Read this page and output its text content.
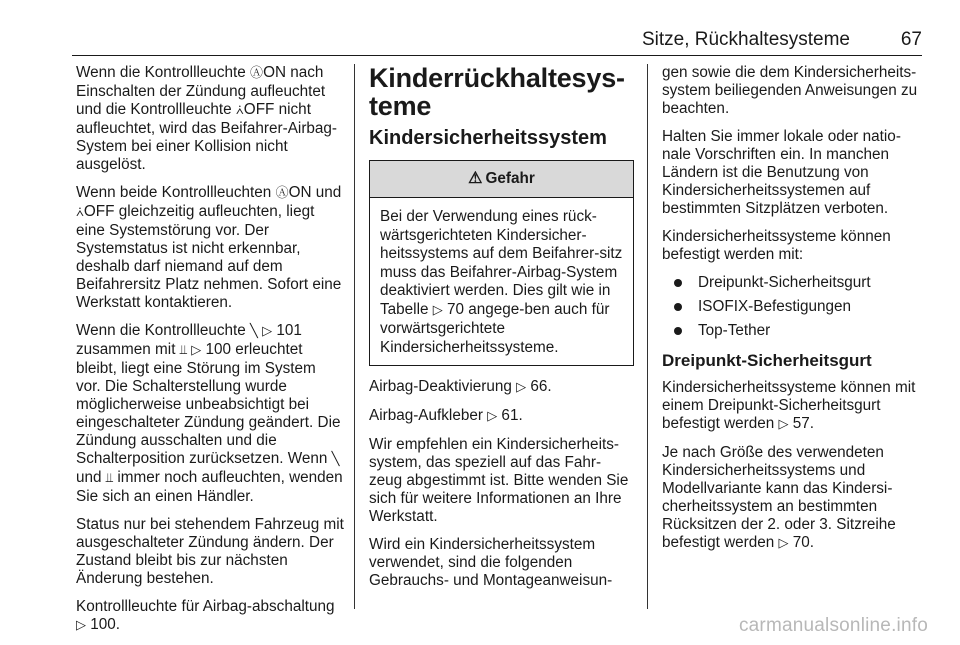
Sitze, Rückhaltesysteme	67

Wenn die Kontrollleuchte ⒶON nach Einschalten der Zündung aufleuchtet und die Kontrollleuchte ⩑OFF nicht aufleuchtet, wird das Beifahrer-Airbag-System bei einer Kollision nicht ausgelöst.

Wenn beide Kontrollleuchten ⒶON und ⩑OFF gleichzeitig aufleuchten, liegt eine Systemstörung vor. Der Systemstatus ist nicht erkennbar, deshalb darf niemand auf dem Beifahrersitz Platz nehmen. Sofort eine Werkstatt kontaktieren.

Wenn die Kontrollleuchte ╲ ▷ 101 zusammen mit ⫫ ▷ 100 erleuchtet bleibt, liegt eine Störung im System vor. Die Schalterstellung wurde möglicherweise unbeabsichtigt bei eingeschalteter Zündung geändert. Die Zündung ausschalten und die Schalterposition zurücksetzen. Wenn ╲ und ⫫ immer noch aufleuchten, wenden Sie sich an einen Händler.

Status nur bei stehendem Fahrzeug mit ausgeschalteter Zündung ändern. Der Zustand bleibt bis zur nächsten Änderung bestehen.

Kontrollleuchte für Airbag-abschaltung ▷ 100.

Kinderrückhaltesys-teme
Kindersicherheitssystem
⚠ Gefahr
Bei der Verwendung eines rück-wärtsgerichteten Kindersicher-heitssystems auf dem Beifahrer-sitz muss das Beifahrer-Airbag-System deaktiviert werden. Dies gilt wie in Tabelle ▷ 70 angege-ben auch für vorwärtsgerichtete Kindersicherheitssysteme.

Airbag-Deaktivierung ▷ 66.

Airbag-Aufkleber ▷ 61.

Wir empfehlen ein Kindersicherheits-system, das speziell auf das Fahr-zeug abgestimmt ist. Bitte wenden Sie sich für weitere Informationen an Ihre Werkstatt.

Wird ein Kindersicherheitssystem verwendet, sind die folgenden Gebrauchs- und Montageanweisun-

gen sowie die dem Kindersicherheits-system beiliegenden Anweisungen zu beachten.

Halten Sie immer lokale oder natio-nale Vorschriften ein. In manchen Ländern ist die Benutzung von Kindersicherheitssystemen auf bestimmten Sitzplätzen verboten.

Kindersicherheitssysteme können befestigt werden mit:

Dreipunkt-Sicherheitsgurt
ISOFIX-Befestigungen
Top-Tether
Dreipunkt-Sicherheitsgurt

Kindersicherheitssysteme können mit einem Dreipunkt-Sicherheitsgurt befestigt werden ▷ 57.

Je nach Größe des verwendeten Kindersicherheitssystems und Modellvariante kann das Kindersi-cherheitssystem an bestimmten Rücksitzen der 2. oder 3. Sitzreihe befestigt werden ▷ 70.

carmanualsonline.info
